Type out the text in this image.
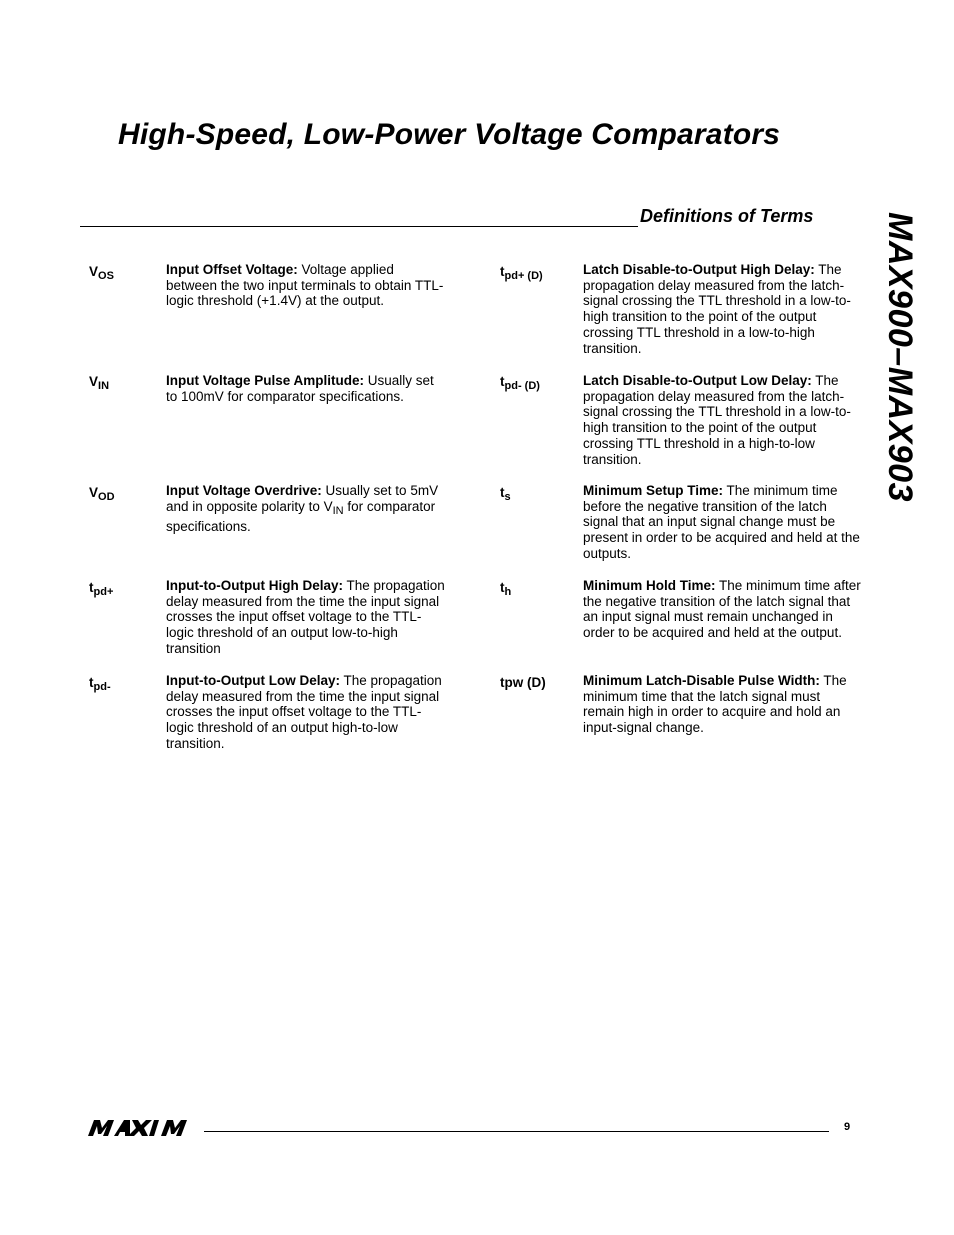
High-Speed, Low-Power Voltage Comparators
Definitions of Terms MAX900–MAX903
$V_{OS}$	Input Offset Voltage: Voltage applied between the two input terminals to obtain TTL-logic threshold (+1.4V) at the output.
$V_{IN}$	Input Voltage Pulse Amplitude: Usually set to 100mV for comparator specifications.
$V_{OD}$	Input Voltage Overdrive: Usually set to 5mV and in opposite polarity to $V_{IN}$ for comparator specifications.
$t_{pd+}$	Input-to-Output High Delay: The propagation delay measured from the time the input signal crosses the input offset voltage to the TTL-logic threshold of an output low-to-high transition
$t_{pd-}$	Input-to-Output Low Delay: The propagation delay measured from the time the input signal crosses the input offset voltage to the TTL-logic threshold of an output high-to-low transition.
$t_{pd+ (D)}$	Latch Disable-to-Output High Delay: The propagation delay measured from the latch-signal crossing the TTL threshold in a low-to-high transition to the point of the output crossing TTL threshold in a low-to-high transition.
$t_{pd- (D)}$	Latch Disable-to-Output Low Delay: The propagation delay measured from the latch-signal crossing the TTL threshold in a low-to-high transition to the point of the output crossing TTL threshold in a high-to-low transition.
$t_s$	Minimum Setup Time: The minimum time before the negative transition of the latch signal that an input signal change must be present in order to be acquired and held at the outputs.
$t_h$	Minimum Hold Time: The minimum time after the negative transition of the latch signal that an input signal must remain unchanged in order to be acquired and held at the output.
tpw (D)	Minimum Latch-Disable Pulse Width: The minimum time that the latch signal must remain high in order to acquire and hold an input-signal change.
9
